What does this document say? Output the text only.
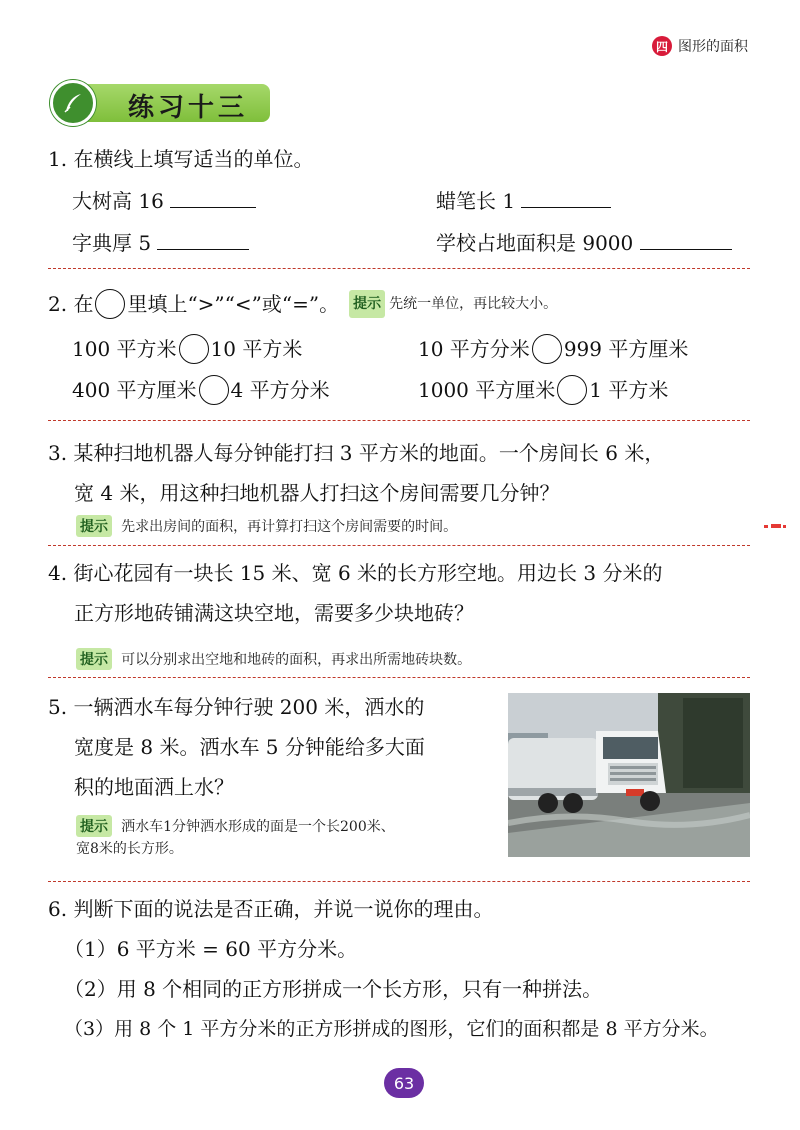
四 图形的面积
练习十三
1. 在横线上填写适当的单位。
大树高 16	蜡笔长 1
字典厚 5	学校占地面积是 9000
2. 在 里填上“>”“<”或“=”。 提示 先统一单位，再比较大小。
100 平方米 10 平方米	10 平方分米 999 平方厘米
400 平方厘米 4 平方分米	1000 平方厘米 1 平方米
3. 某种扫地机器人每分钟能打扫 3 平方米的地面。一个房间长 6 米，
宽 4 米，用这种扫地机器人打扫这个房间需要几分钟？
提示 先求出房间的面积，再计算打扫这个房间需要的时间。
4. 街心花园有一块长 15 米、宽 6 米的长方形空地。用边长 3 分米的
正方形地砖铺满这块空地，需要多少块地砖？
提示 可以分别求出空地和地砖的面积，再求出所需地砖块数。
5. 一辆洒水车每分钟行驶 200 米，洒水的
宽度是 8 米。洒水车 5 分钟能给多大面
积的地面洒上水？
提示 洒水车1分钟洒水形成的面是一个长200米、
宽8米的长方形。
6. 判断下面的说法是否正确，并说一说你的理由。
（1）6 平方米 = 60 平方分米。
（2）用 8 个相同的正方形拼成一个长方形，只有一种拼法。
（3）用 8 个 1 平方分米的正方形拼成的图形，它们的面积都是 8 平方分米。
63
